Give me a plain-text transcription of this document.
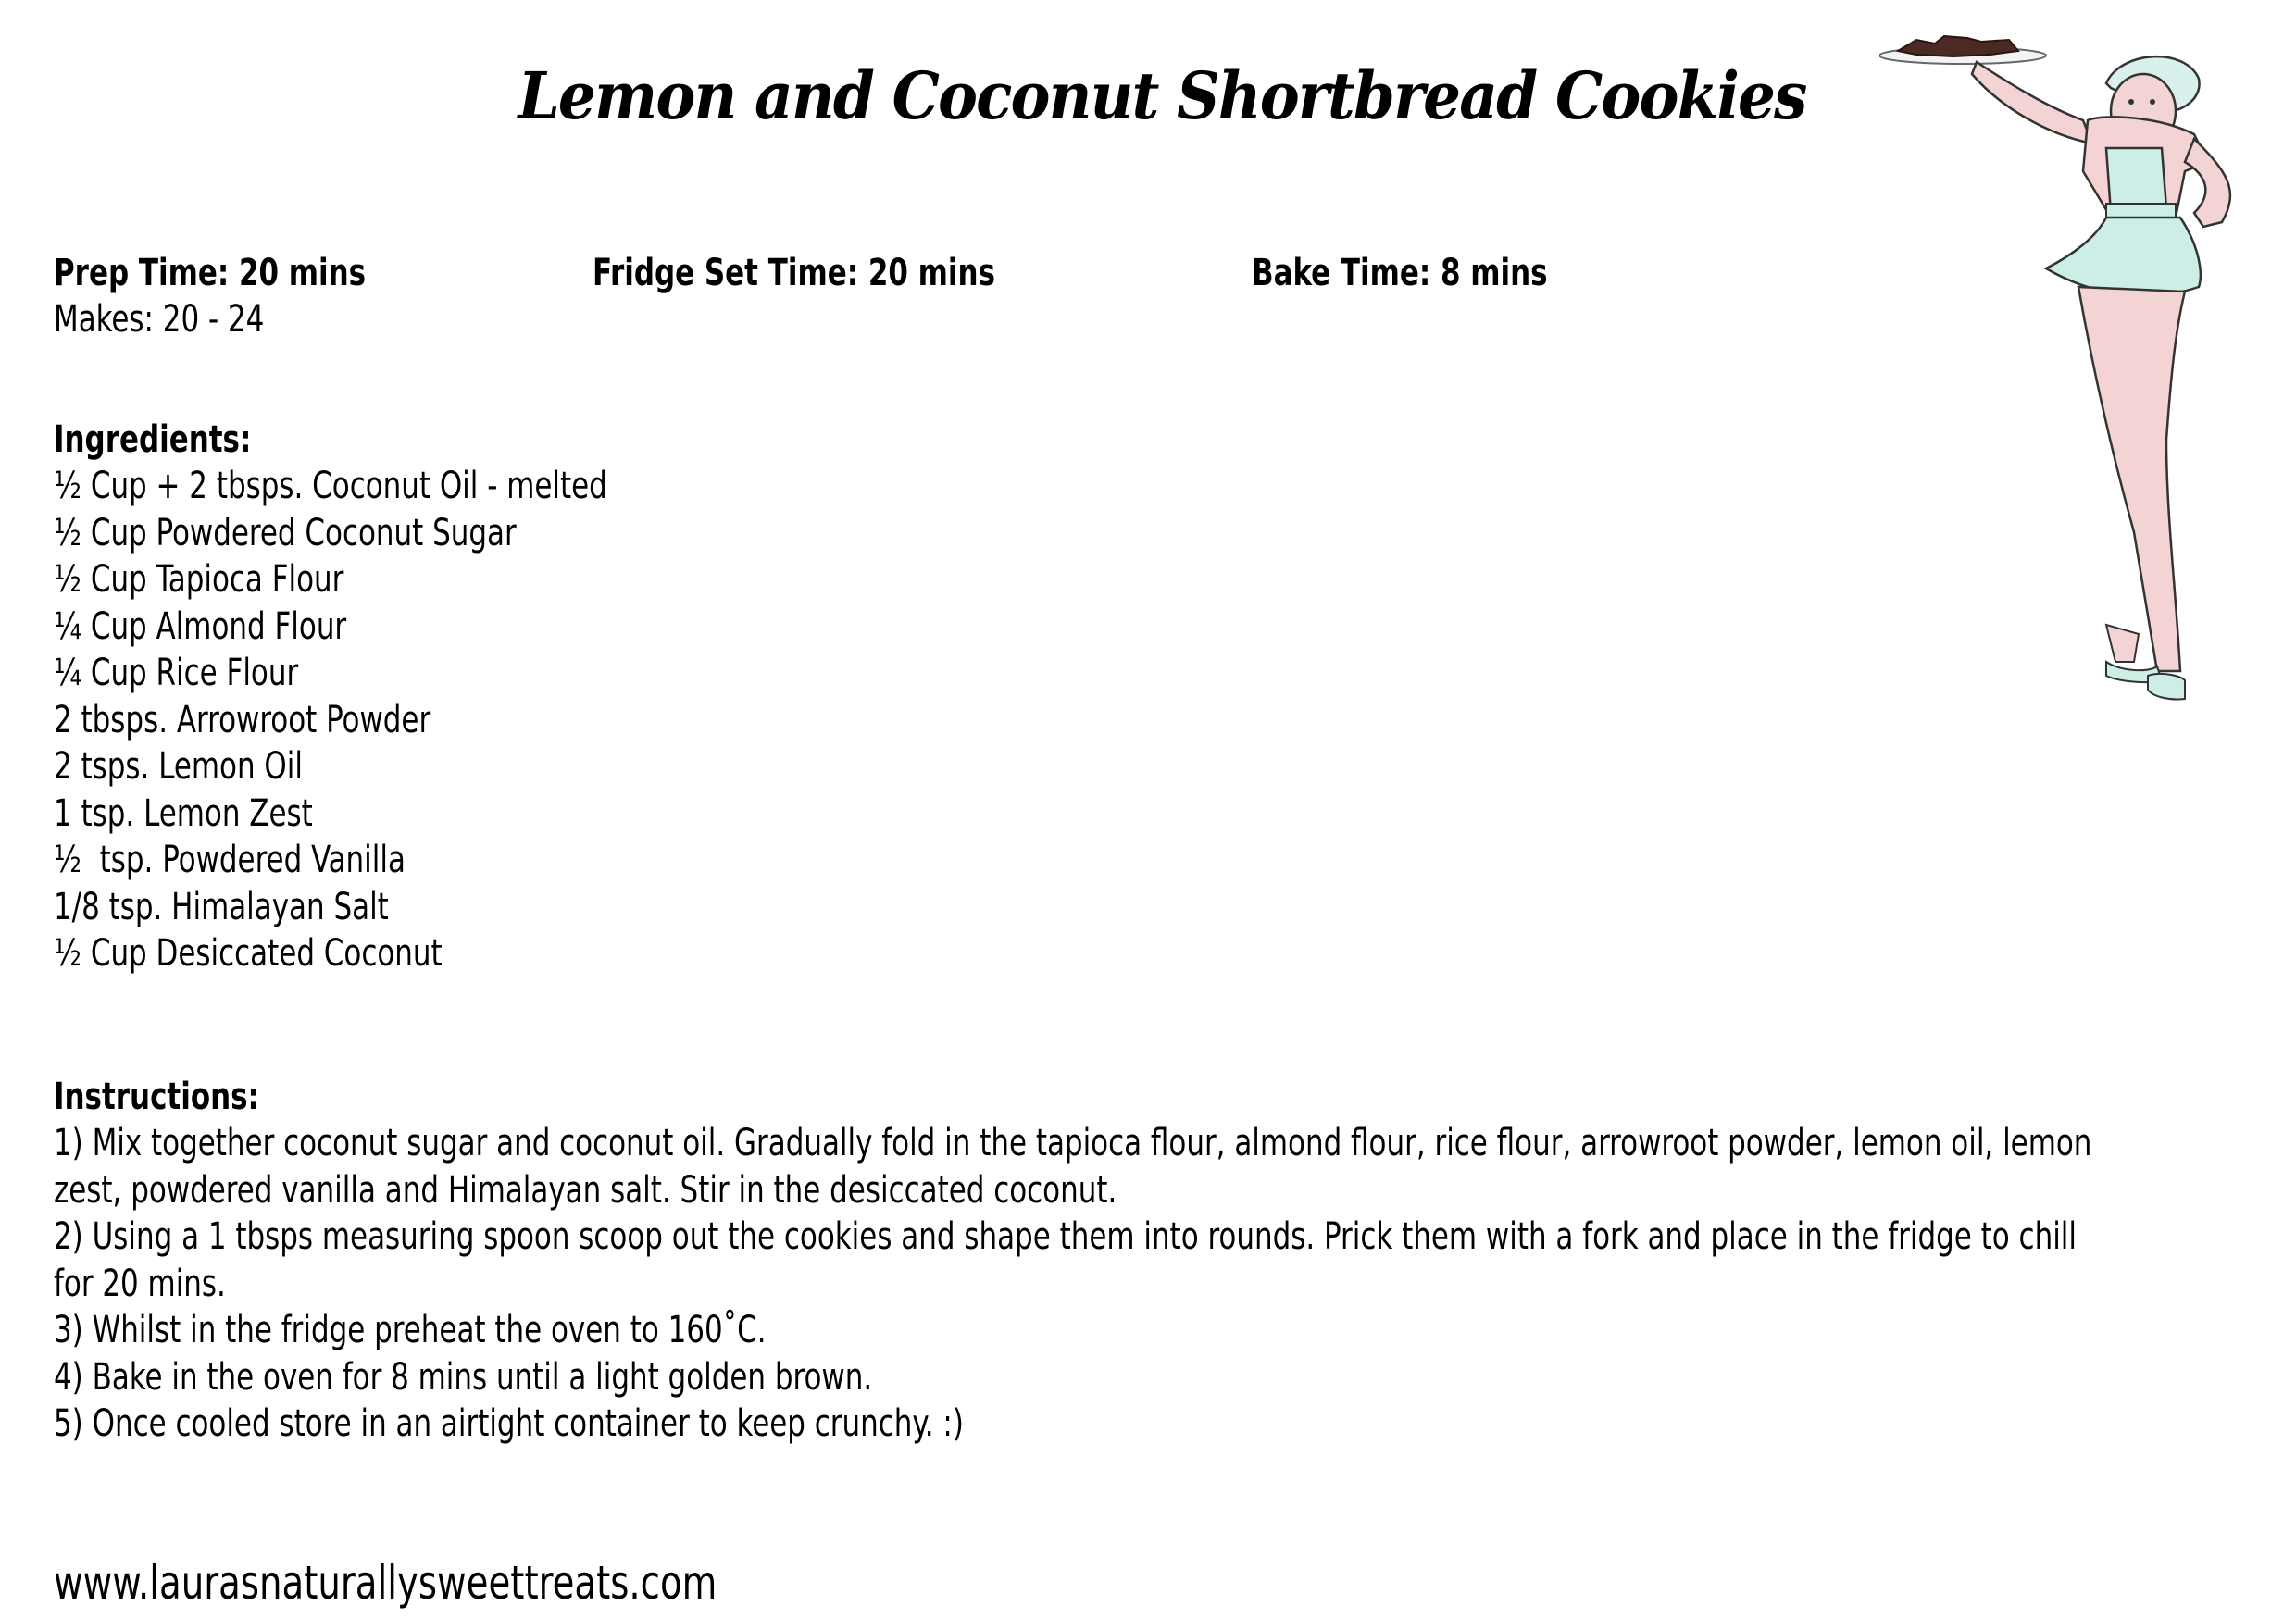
Lemon and Coconut Shortbread Cookies
Prep Time: 20 mins	Fridge Set Time: 20 mins	Bake Time: 8 mins
Makes: 20 - 24
Ingredients:
½ Cup + 2 tbsps. Coconut Oil - melted
½ Cup Powdered Coconut Sugar
½ Cup Tapioca Flour
¼ Cup Almond Flour
¼ Cup Rice Flour
2 tbsps. Arrowroot Powder
2 tsps. Lemon Oil
1 tsp. Lemon Zest
½  tsp. Powdered Vanilla
1/8 tsp. Himalayan Salt
½ Cup Desiccated Coconut
Instructions:
1) Mix together coconut sugar and coconut oil. Gradually fold in the tapioca flour, almond flour, rice flour, arrowroot powder, lemon oil, lemon zest, powdered vanilla and Himalayan salt. Stir in the desiccated coconut.
2) Using a 1 tbsps measuring spoon scoop out the cookies and shape them into rounds. Prick them with a fork and place in the fridge to chill for 20 mins.
3) Whilst in the fridge preheat the oven to 160˚C.
4) Bake in the oven for 8 mins until a light golden brown.
5) Once cooled store in an airtight container to keep crunchy. :)
www.laurasnaturallysweettreats.com
